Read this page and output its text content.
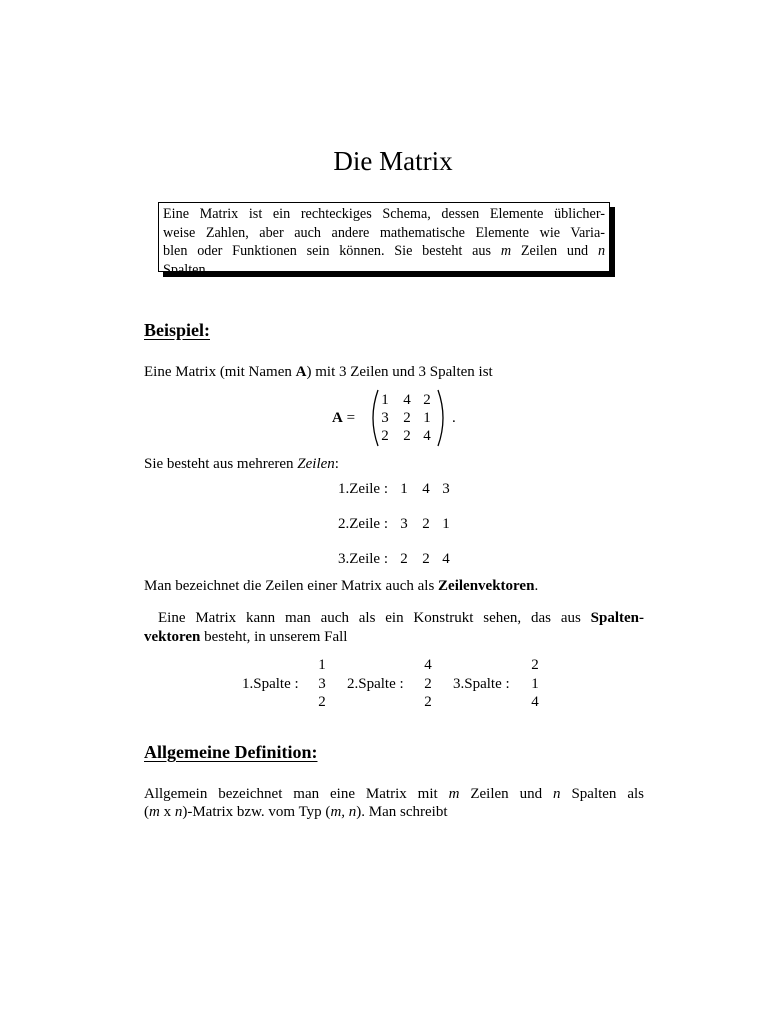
Die Matrix
Eine Matrix ist ein rechteckiges Schema, dessen Elemente üblicher-
weise Zahlen, aber auch andere mathematische Elemente wie Varia-
blen oder Funktionen sein können. Sie besteht aus m Zeilen und n
Spalten.
Beispiel:
Eine Matrix (mit Namen A) mit 3 Zeilen und 3 Spalten ist
A =
1 4 2
3 2 1
2 2 4
.
Sie besteht aus mehreren Zeilen:
1.Zeile : 1 4 3
2.Zeile : 3 2 1
3.Zeile : 2 2 4
Man bezeichnet die Zeilen einer Matrix auch als Zeilenvektoren.
Eine Matrix kann man auch als ein Konstrukt sehen, das aus Spalten-
vektoren besteht, in unserem Fall
1.Spalte :
1
3
2
2.Spalte :
4
2
2
3.Spalte :
2
1
4
Allgemeine Definition:
Allgemein bezeichnet man eine Matrix mit m Zeilen und n Spalten als
(m x n)-Matrix bzw. vom Typ (m, n). Man schreibt
